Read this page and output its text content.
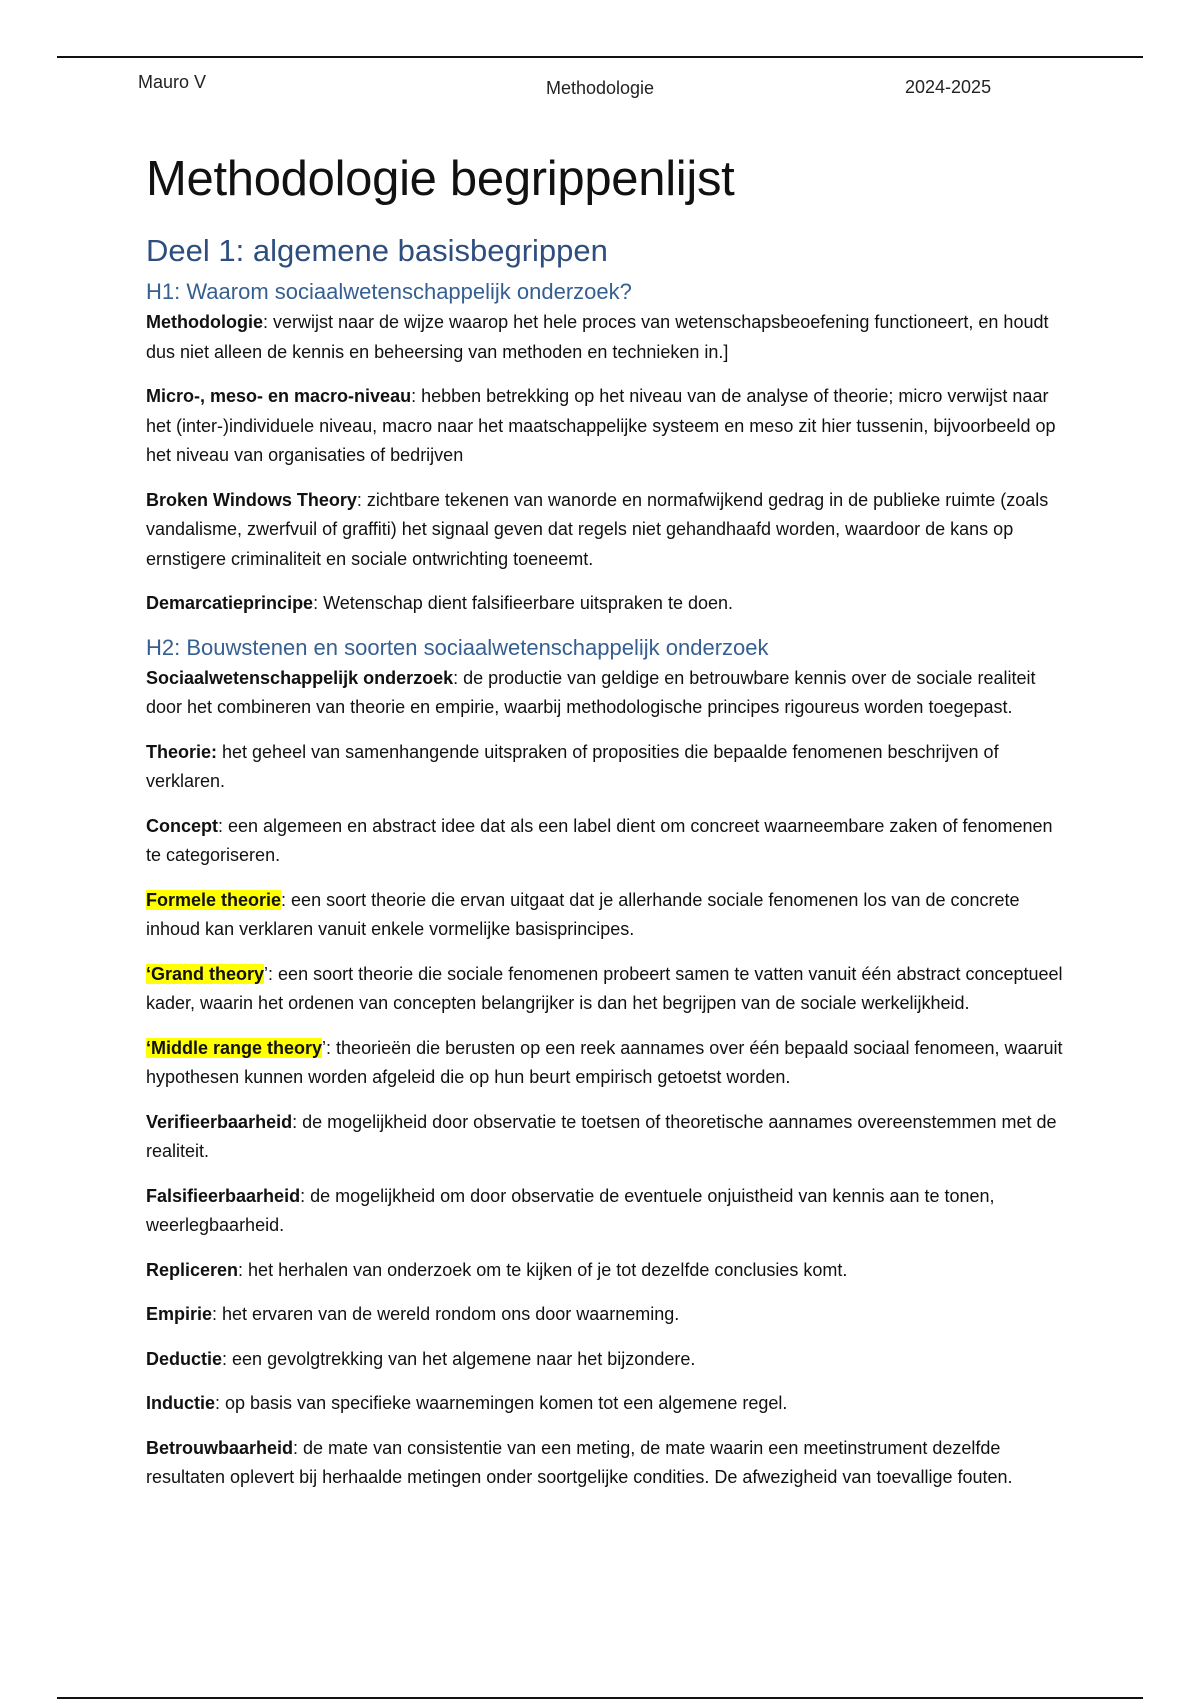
Mauro V	Methodologie	2024-2025
Methodologie begrippenlijst
Deel 1: algemene basisbegrippen
H1: Waarom sociaalwetenschappelijk onderzoek?

Methodologie: verwijst naar de wijze waarop het hele proces van wetenschapsbeoefening functioneert, en houdt dus niet alleen de kennis en beheersing van methoden en technieken in.]

Micro-, meso- en macro-niveau: hebben betrekking op het niveau van de analyse of theorie; micro verwijst naar het (inter-)individuele niveau, macro naar het maatschappelijke systeem en meso zit hier tussenin, bijvoorbeeld op het niveau van organisaties of bedrijven

Broken Windows Theory: zichtbare tekenen van wanorde en normafwijkend gedrag in de publieke ruimte (zoals vandalisme, zwerfvuil of graffiti) het signaal geven dat regels niet gehandhaafd worden, waardoor de kans op ernstigere criminaliteit en sociale ontwrichting toeneemt.

Demarcatieprincipe: Wetenschap dient falsifieerbare uitspraken te doen.

H2: Bouwstenen en soorten sociaalwetenschappelijk onderzoek

Sociaalwetenschappelijk onderzoek: de productie van geldige en betrouwbare kennis over de sociale realiteit door het combineren van theorie en empirie, waarbij methodologische principes rigoureus worden toegepast.

Theorie: het geheel van samenhangende uitspraken of proposities die bepaalde fenomenen beschrijven of verklaren.

Concept: een algemeen en abstract idee dat als een label dient om concreet waarneembare zaken of fenomenen te categoriseren.

Formele theorie: een soort theorie die ervan uitgaat dat je allerhande sociale fenomenen los van de concrete inhoud kan verklaren vanuit enkele vormelijke basisprincipes.

‘Grand theory’: een soort theorie die sociale fenomenen probeert samen te vatten vanuit één abstract conceptueel kader, waarin het ordenen van concepten belangrijker is dan het begrijpen van de sociale werkelijkheid.

‘Middle range theory’: theorieën die berusten op een reek aannames over één bepaald sociaal fenomeen, waaruit hypothesen kunnen worden afgeleid die op hun beurt empirisch getoetst worden.

Verifieerbaarheid: de mogelijkheid door observatie te toetsen of theoretische aannames overeenstemmen met de realiteit.

Falsifieerbaarheid: de mogelijkheid om door observatie de eventuele onjuistheid van kennis aan te tonen, weerlegbaarheid.

Repliceren: het herhalen van onderzoek om te kijken of je tot dezelfde conclusies komt.

Empirie: het ervaren van de wereld rondom ons door waarneming.

Deductie: een gevolgtrekking van het algemene naar het bijzondere.

Inductie: op basis van specifieke waarnemingen komen tot een algemene regel.

Betrouwbaarheid: de mate van consistentie van een meting, de mate waarin een meetinstrument dezelfde resultaten oplevert bij herhaalde metingen onder soortgelijke condities. De afwezigheid van toevallige fouten.
